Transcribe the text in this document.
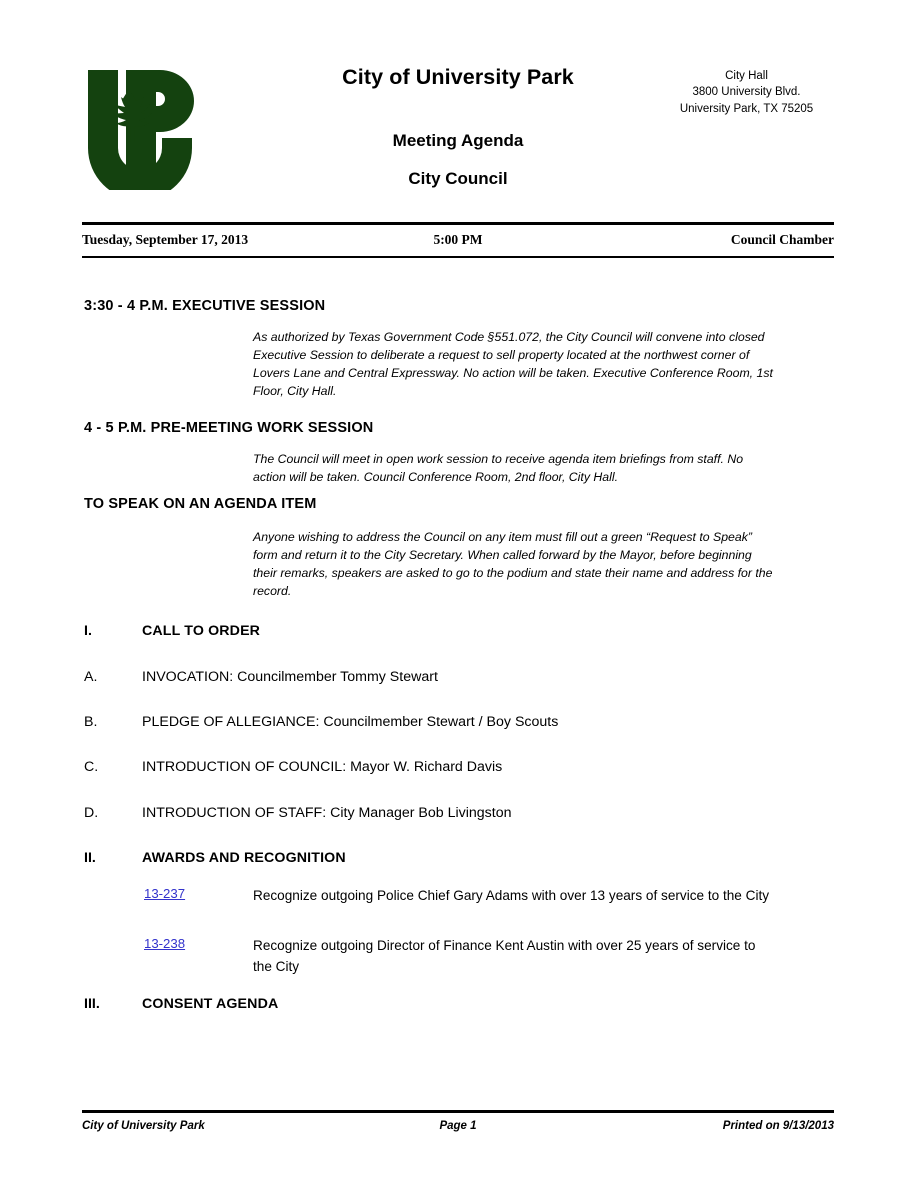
City of University Park
Meeting Agenda
City Council
City Hall
3800 University Blvd.
University Park, TX 75205
Tuesday, September 17, 2013	5:00 PM	Council Chamber
3:30 - 4 P.M. EXECUTIVE SESSION
As authorized by Texas Government Code §551.072, the City Council will convene into closed Executive Session to deliberate a request to sell property located at the northwest corner of Lovers Lane and Central Expressway. No action will be taken. Executive Conference Room, 1st Floor, City Hall.
4 - 5 P.M. PRE-MEETING WORK SESSION
The Council will meet in open work session to receive agenda item briefings from staff. No action will be taken. Council Conference Room, 2nd floor, City Hall.
TO SPEAK ON AN AGENDA ITEM
Anyone wishing to address the Council on any item must fill out a green “Request to Speak” form and return it to the City Secretary. When called forward by the Mayor, before beginning their remarks, speakers are asked to go to the podium and state their name and address for the record.
I.	CALL TO ORDER
A.	INVOCATION: Councilmember Tommy Stewart
B.	PLEDGE OF ALLEGIANCE: Councilmember Stewart / Boy Scouts
C.	INTRODUCTION OF COUNCIL: Mayor W. Richard Davis
D.	INTRODUCTION OF STAFF: City Manager Bob Livingston
II.	AWARDS AND RECOGNITION
13-237	Recognize outgoing Police Chief Gary Adams with over 13 years of service to the City
13-238	Recognize outgoing Director of Finance Kent Austin with over 25 years of service to the City
III.	CONSENT AGENDA
City of University Park	Page 1	Printed on 9/13/2013
